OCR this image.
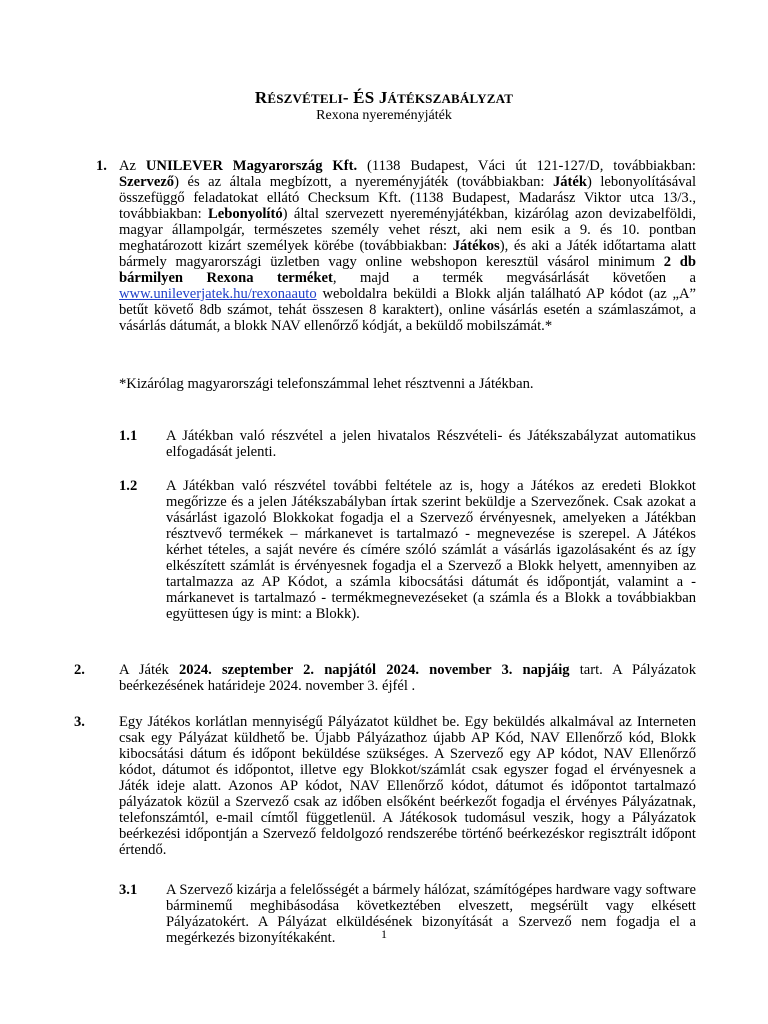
RÉSZVÉTELI- ÉS JÁTÉKSZABÁLYZAT
Rexona nyereményjáték
1. Az UNILEVER Magyarország Kft. (1138 Budapest, Váci út 121-127/D, továbbiakban: Szervező) és az általa megbízott, a nyereményjáték (továbbiakban: Játék) lebonyolításával összefüggő feladatokat ellátó Checksum Kft. (1138 Budapest, Madarász Viktor utca 13/3., továbbiakban: Lebonyolító) által szervezett nyereményjátékban, kizárólag azon devizabelföldi, magyar állampolgár, természetes személy vehet részt, aki nem esik a 9. és 10. pontban meghatározott kizárt személyek körébe (továbbiakban: Játékos), és aki a Játék időtartama alatt bármely magyarországi üzletben vagy online webshopon keresztül vásárol minimum 2 db bármilyen Rexona terméket, majd a termék megvásárlását követően a www.unileverjatek.hu/rexonaauto weboldalra beküldi a Blokk alján található AP kódot (az „A” betűt követő 8db számot, tehát összesen 8 karaktert), online vásárlás esetén a számlaszámot, a vásárlás dátumát, a blokk NAV ellenőrző kódját, a beküldő mobilszámát.*
*Kizárólag magyarországi telefonszámmal lehet résztvenni a Játékban.
1.1 A Játékban való részvétel a jelen hivatalos Részvételi- és Játékszabályzat automatikus elfogadását jelenti.
1.2 A Játékban való részvétel további feltétele az is, hogy a Játékos az eredeti Blokkot megőrizze és a jelen Játékszabályban írtak szerint beküldje a Szervezőnek. Csak azokat a vásárlást igazoló Blokkokat fogadja el a Szervező érvényesnek, amelyeken a Játékban résztvevő termékek – márkanevet is tartalmazó - megnevezése is szerepel. A Játékos kérhet tételes, a saját nevére és címére szóló számlát a vásárlás igazolásaként és az így elkészített számlát is érvényesnek fogadja el a Szervező a Blokk helyett, amennyiben az tartalmazza az AP Kódot, a számla kibocsátási dátumát és időpontját, valamint a - márkanevet is tartalmazó - termékmegnevezéseket (a számla és a Blokk a továbbiakban együttesen úgy is mint: a Blokk).
2. A Játék 2024. szeptember 2. napjától 2024. november 3. napjáig tart. A Pályázatok beérkezésének határideje 2024. november 3. éjfél .
3. Egy Játékos korlátlan mennyiségű Pályázatot küldhet be. Egy beküldés alkalmával az Interneten csak egy Pályázat küldhető be. Újabb Pályázathoz újabb AP Kód, NAV Ellenőrző kód, Blokk kibocsátási dátum és időpont beküldése szükséges. A Szervező egy AP kódot, NAV Ellenőrző kódot, dátumot és időpontot, illetve egy Blokkot/számlát csak egyszer fogad el érvényesnek a Játék ideje alatt. Azonos AP kódot, NAV Ellenőrző kódot, dátumot és időpontot tartalmazó pályázatok közül a Szervező csak az időben elsőként beérkezőt fogadja el érvényes Pályázatnak, telefonszámtól, e-mail címtől függetlenül. A Játékosok tudomásul veszik, hogy a Pályázatok beérkezési időpontján a Szervező feldolgozó rendszerébe történő beérkezéskor regisztrált időpont értendő.
3.1 A Szervező kizárja a felelősségét a bármely hálózat, számítógépes hardware vagy software bárminemű meghibásodása következtében elveszett, megsérült vagy elkésett Pályázatokért. A Pályázat elküldésének bizonyítását a Szervező nem fogadja el a megérkezés bizonyítékaként.	1
